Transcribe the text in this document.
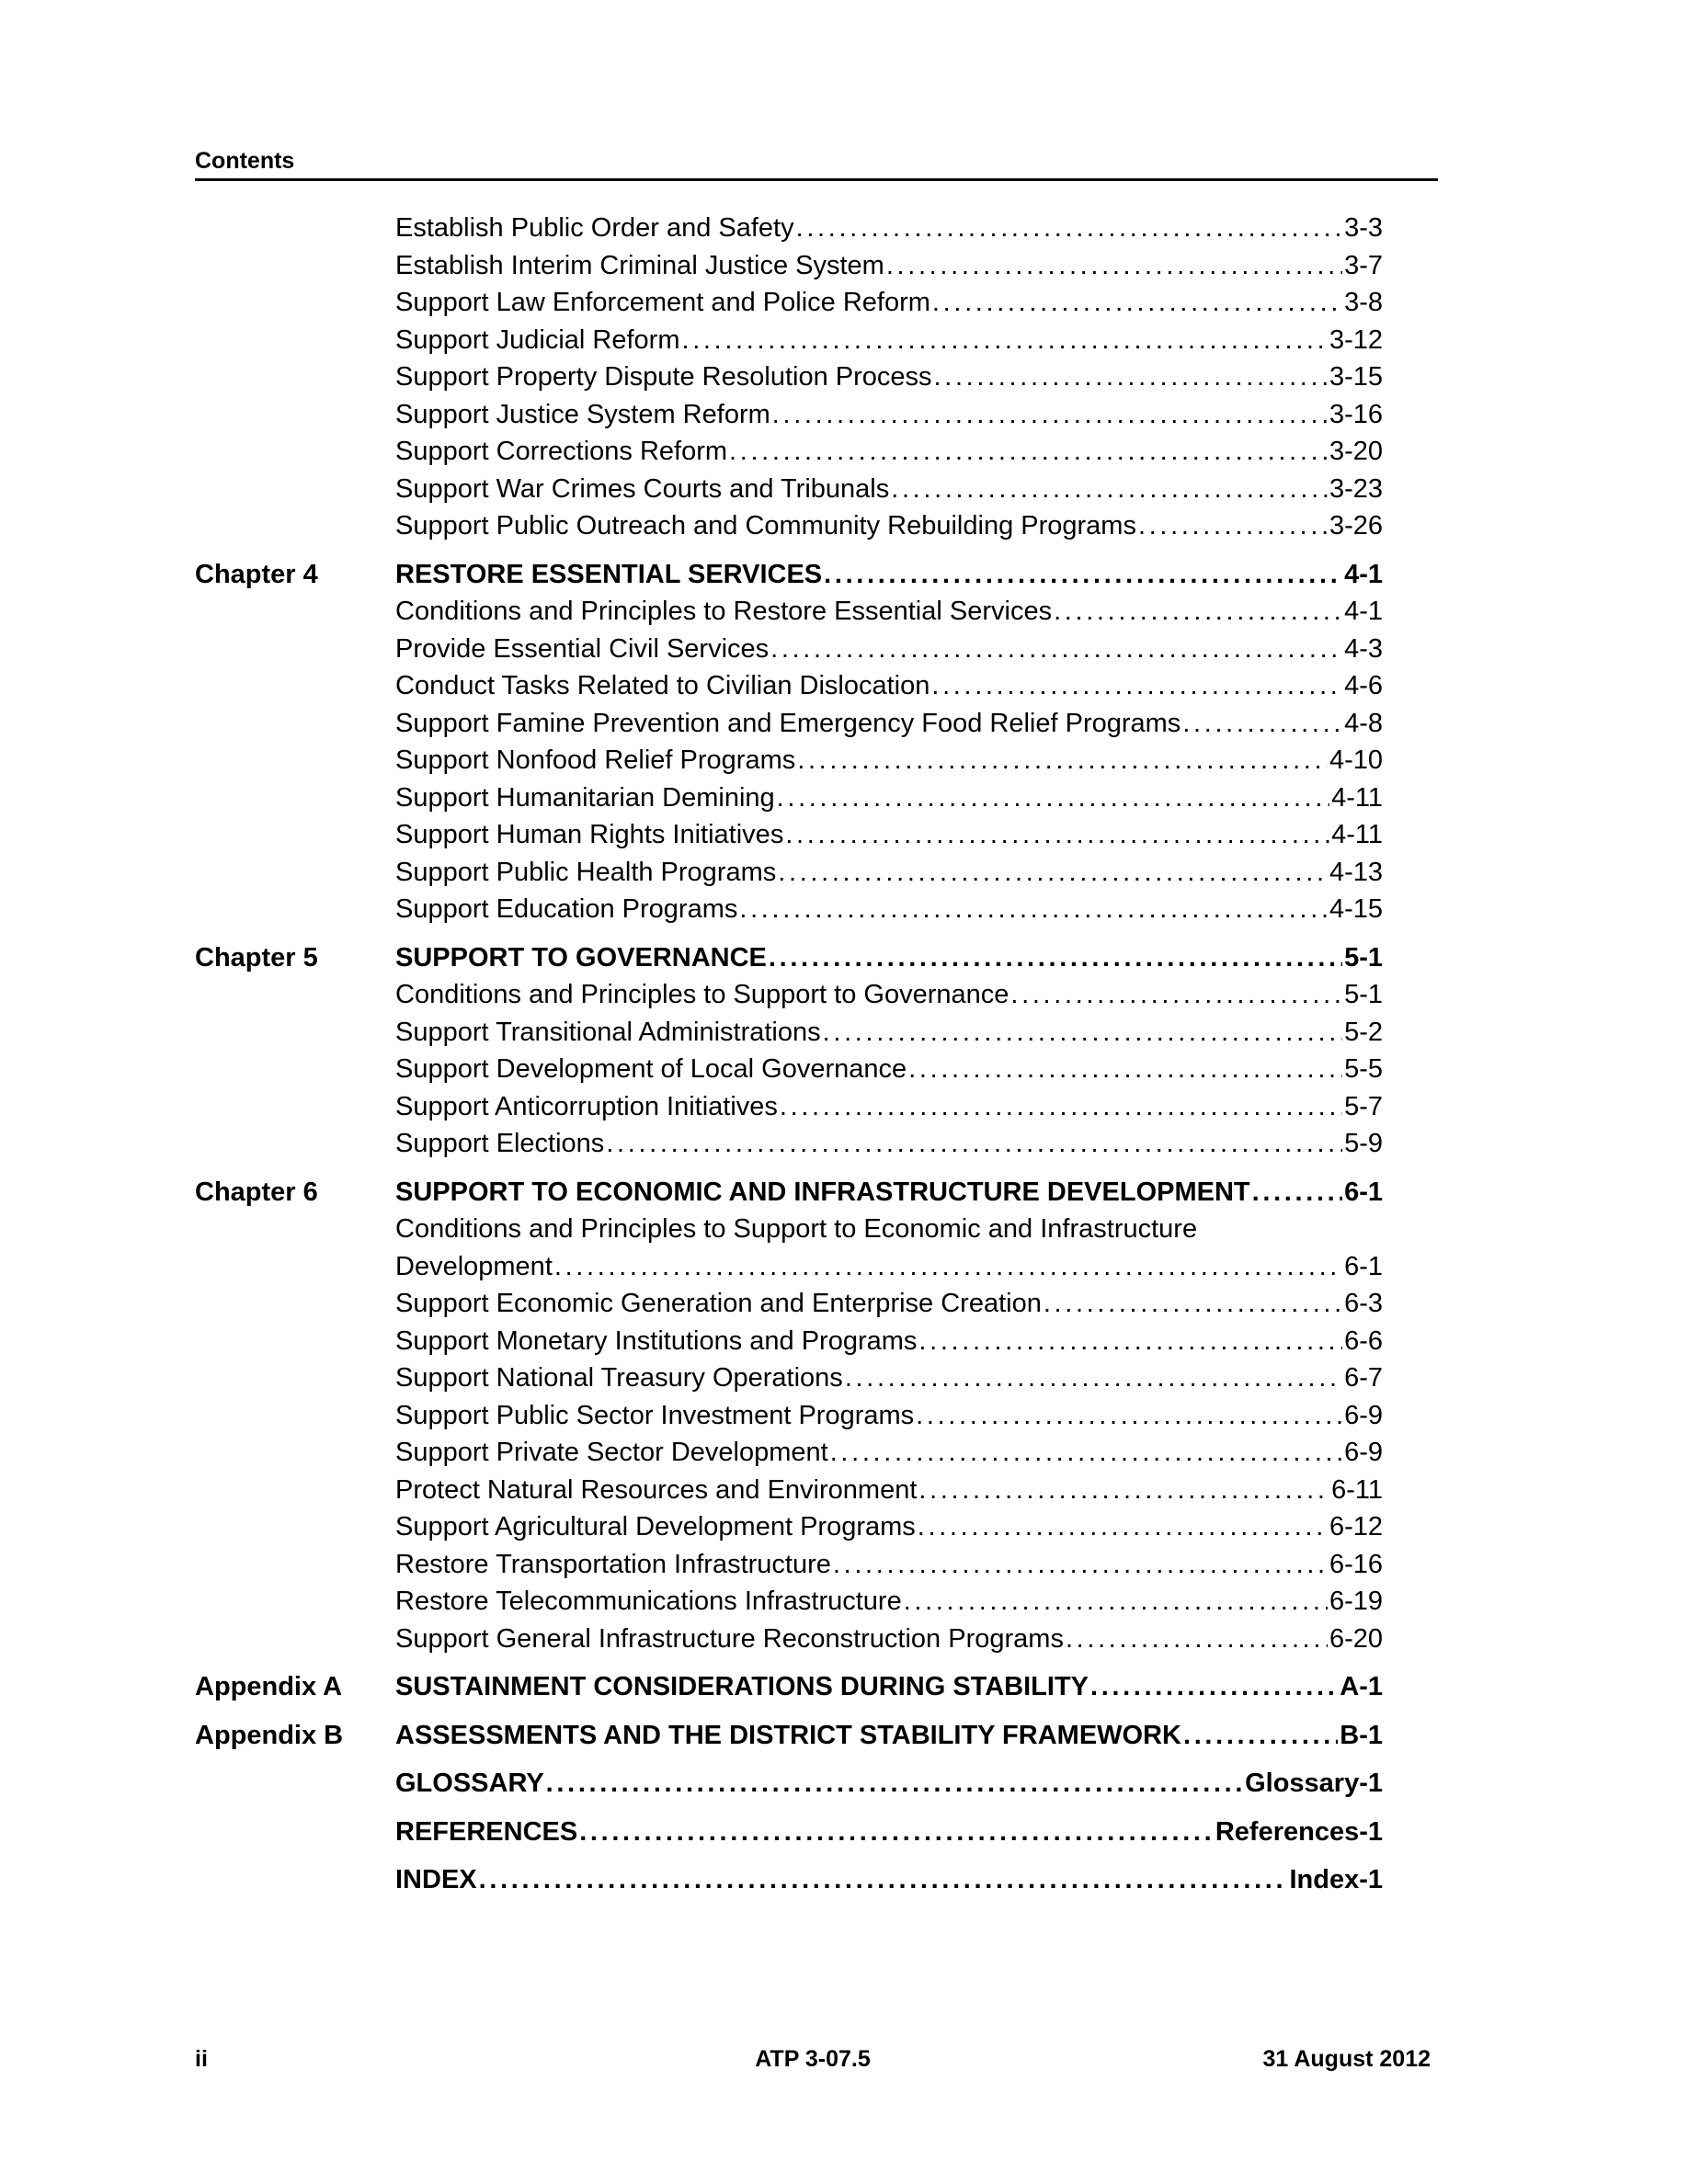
Contents
Establish Public Order and Safety . . .	3-3
Establish Interim Criminal Justice System . . .	3-7
Support Law Enforcement and Police Reform . . .	3-8
Support Judicial Reform . . .	3-12
Support Property Dispute Resolution Process . . .	3-15
Support Justice System Reform . . .	3-16
Support Corrections Reform . . .	3-20
Support War Crimes Courts and Tribunals . . .	3-23
Support Public Outreach and Community Rebuilding Programs . . .	3-26
Chapter 4	RESTORE ESSENTIAL SERVICES . . .	4-1
Conditions and Principles to Restore Essential Services . . .	4-1
Provide Essential Civil Services . . .	4-3
Conduct Tasks Related to Civilian Dislocation . . .	4-6
Support Famine Prevention and Emergency Food Relief Programs . . .	4-8
Support Nonfood Relief Programs . . .	4-10
Support Humanitarian Demining . . .	4-11
Support Human Rights Initiatives . . .	4-11
Support Public Health Programs . . .	4-13
Support Education Programs . . .	4-15
Chapter 5	SUPPORT TO GOVERNANCE . . .	5-1
Conditions and Principles to Support to Governance . . .	5-1
Support Transitional Administrations . . .	5-2
Support Development of Local Governance . . .	5-5
Support Anticorruption Initiatives . . .	5-7
Support Elections . . .	5-9
Chapter 6	SUPPORT TO ECONOMIC AND INFRASTRUCTURE DEVELOPMENT . . .	6-1
Conditions and Principles to Support to Economic and Infrastructure
Development . . .	6-1
Support Economic Generation and Enterprise Creation . . .	6-3
Support Monetary Institutions and Programs . . .	6-6
Support National Treasury Operations . . .	6-7
Support Public Sector Investment Programs . . .	6-9
Support Private Sector Development . . .	6-9
Protect Natural Resources and Environment . . .	6-11
Support Agricultural Development Programs . . .	6-12
Restore Transportation Infrastructure . . .	6-16
Restore Telecommunications Infrastructure . . .	6-19
Support General Infrastructure Reconstruction Programs . . .	6-20
Appendix A	SUSTAINMENT CONSIDERATIONS DURING STABILITY . . .	A-1
Appendix B	ASSESSMENTS AND THE DISTRICT STABILITY FRAMEWORK . . .	B-1
GLOSSARY . . .	Glossary-1
REFERENCES . . .	References-1
INDEX . . .	Index-1
ii	ATP 3-07.5	31 August 2012
